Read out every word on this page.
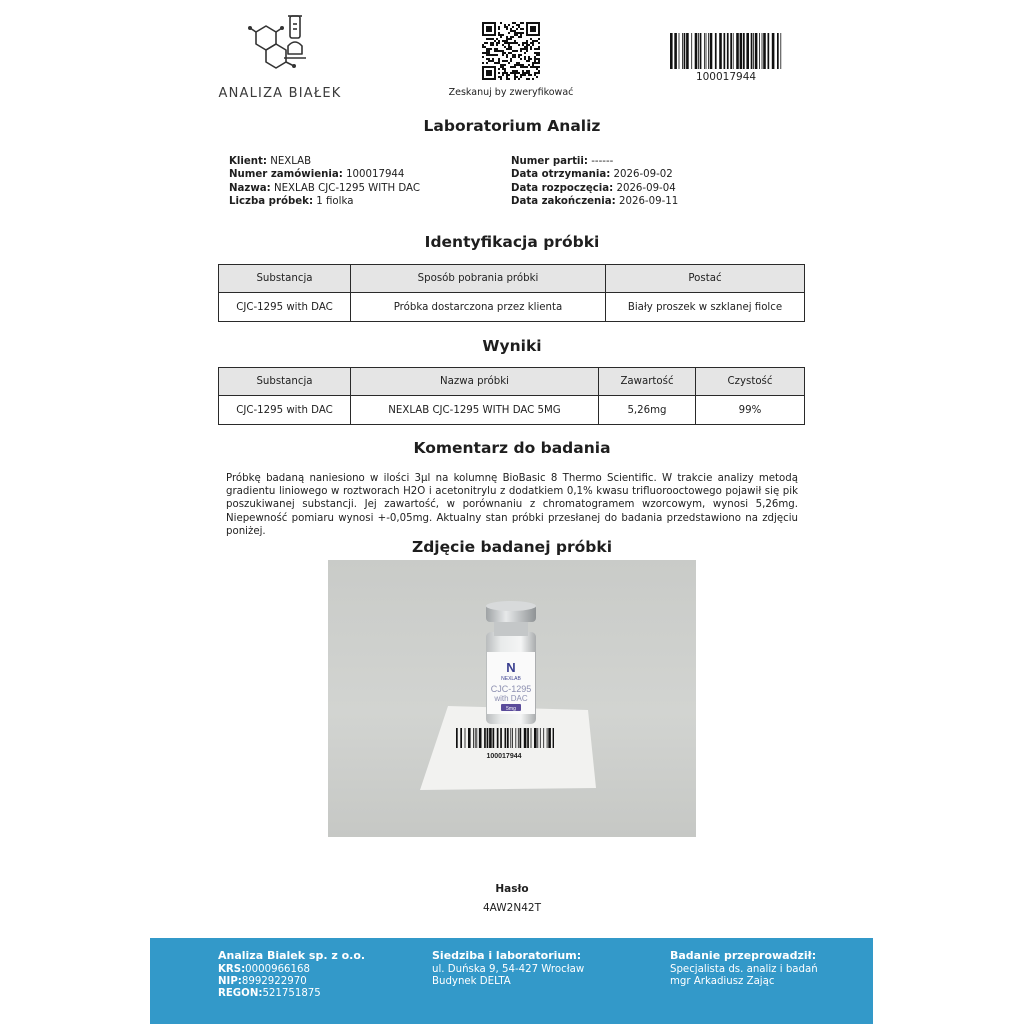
ANALIZA BIAŁEK	Zeskanuj by zweryfikować
100017944
Laboratorium Analiz
Klient: NEXLAB
Numer zamówienia: 100017944
Nazwa: NEXLAB CJC-1295 WITH DAC
Liczba próbek: 1 fiolka
Numer partii: ------
Data otrzymania: 2026-09-02
Data rozpoczęcia: 2026-09-04
Data zakończenia: 2026-09-11
Identyfikacja próbki
Substancja	Sposób pobrania próbki	Postać
CJC-1295 with DAC	Próbka dostarczona przez klienta	Biały proszek w szklanej fiolce
Wyniki
Substancja	Nazwa próbki	Zawartość	Czystość
CJC-1295 with DAC	NEXLAB CJC-1295 WITH DAC 5MG	5,26mg	99%
Komentarz do badania
Próbkę badaną naniesiono w ilości 3µl na kolumnę BioBasic 8 Thermo Scientific. W trakcie analizy metodą gradientu liniowego w roztworach H2O i acetonitrylu z dodatkiem 0,1% kwasu trifluorooctowego pojawił się pik poszukiwanej substancji. Jej zawartość, w porównaniu z chromatogramem wzorcowym, wynosi 5,26mg. Niepewność pomiaru wynosi +-0,05mg. Aktualny stan próbki przesłanej do badania przedstawiono na zdjęciu poniżej.
Zdjęcie badanej próbki
N
NEXLAB
CJC-1295
with DAC
5mg
100017944
Hasło
4AW2N42T
Analiza Bialek sp. z o.o.
KRS:0000966168
NIP:8992922970
REGON:521751875
Siedziba i laboratorium:
ul. Duńska 9, 54-427 Wrocław
Budynek DELTA
Badanie przeprowadził:
Specjalista ds. analiz i badań
mgr Arkadiusz Zając
